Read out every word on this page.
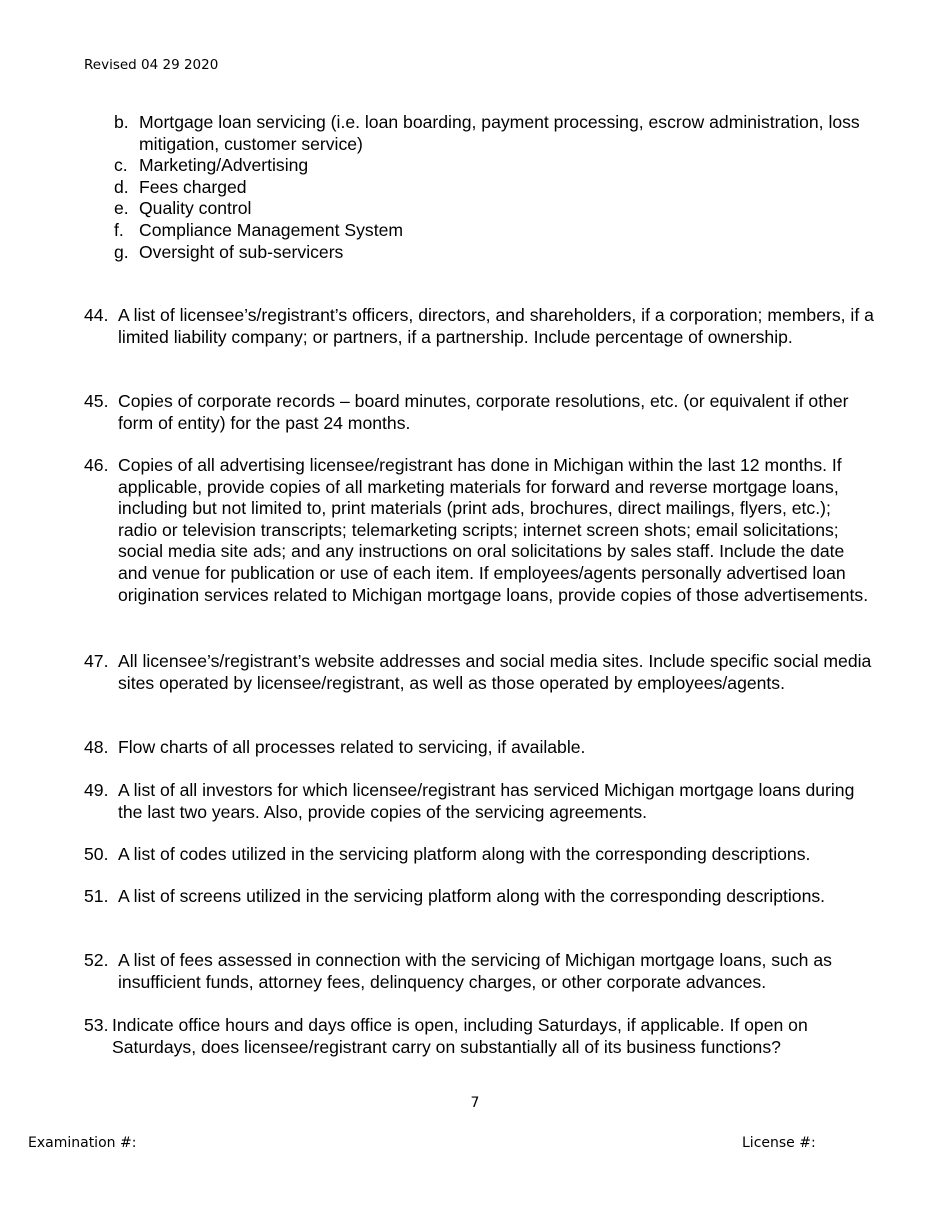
Revised 04 29 2020
b. Mortgage loan servicing (i.e. loan boarding, payment processing, escrow administration, loss mitigation, customer service)
c. Marketing/Advertising
d. Fees charged
e. Quality control
f. Compliance Management System
g. Oversight of sub-servicers
44. A list of licensee’s/registrant’s officers, directors, and shareholders, if a corporation; members, if a limited liability company; or partners, if a partnership. Include percentage of ownership.
45. Copies of corporate records – board minutes, corporate resolutions, etc. (or equivalent if other form of entity) for the past 24 months.
46. Copies of all advertising licensee/registrant has done in Michigan within the last 12 months. If applicable, provide copies of all marketing materials for forward and reverse mortgage loans, including but not limited to, print materials (print ads, brochures, direct mailings, flyers, etc.); radio or television transcripts; telemarketing scripts; internet screen shots; email solicitations; social media site ads; and any instructions on oral solicitations by sales staff. Include the date and venue for publication or use of each item. If employees/agents personally advertised loan origination services related to Michigan mortgage loans, provide copies of those advertisements.
47. All licensee’s/registrant’s website addresses and social media sites. Include specific social media sites operated by licensee/registrant, as well as those operated by employees/agents.
48. Flow charts of all processes related to servicing, if available.
49. A list of all investors for which licensee/registrant has serviced Michigan mortgage loans during the last two years. Also, provide copies of the servicing agreements.
50. A list of codes utilized in the servicing platform along with the corresponding descriptions.
51. A list of screens utilized in the servicing platform along with the corresponding descriptions.
52. A list of fees assessed in connection with the servicing of Michigan mortgage loans, such as insufficient funds, attorney fees, delinquency charges, or other corporate advances.
53. Indicate office hours and days office is open, including Saturdays, if applicable. If open on Saturdays, does licensee/registrant carry on substantially all of its business functions?
7
Examination #:	License #:
